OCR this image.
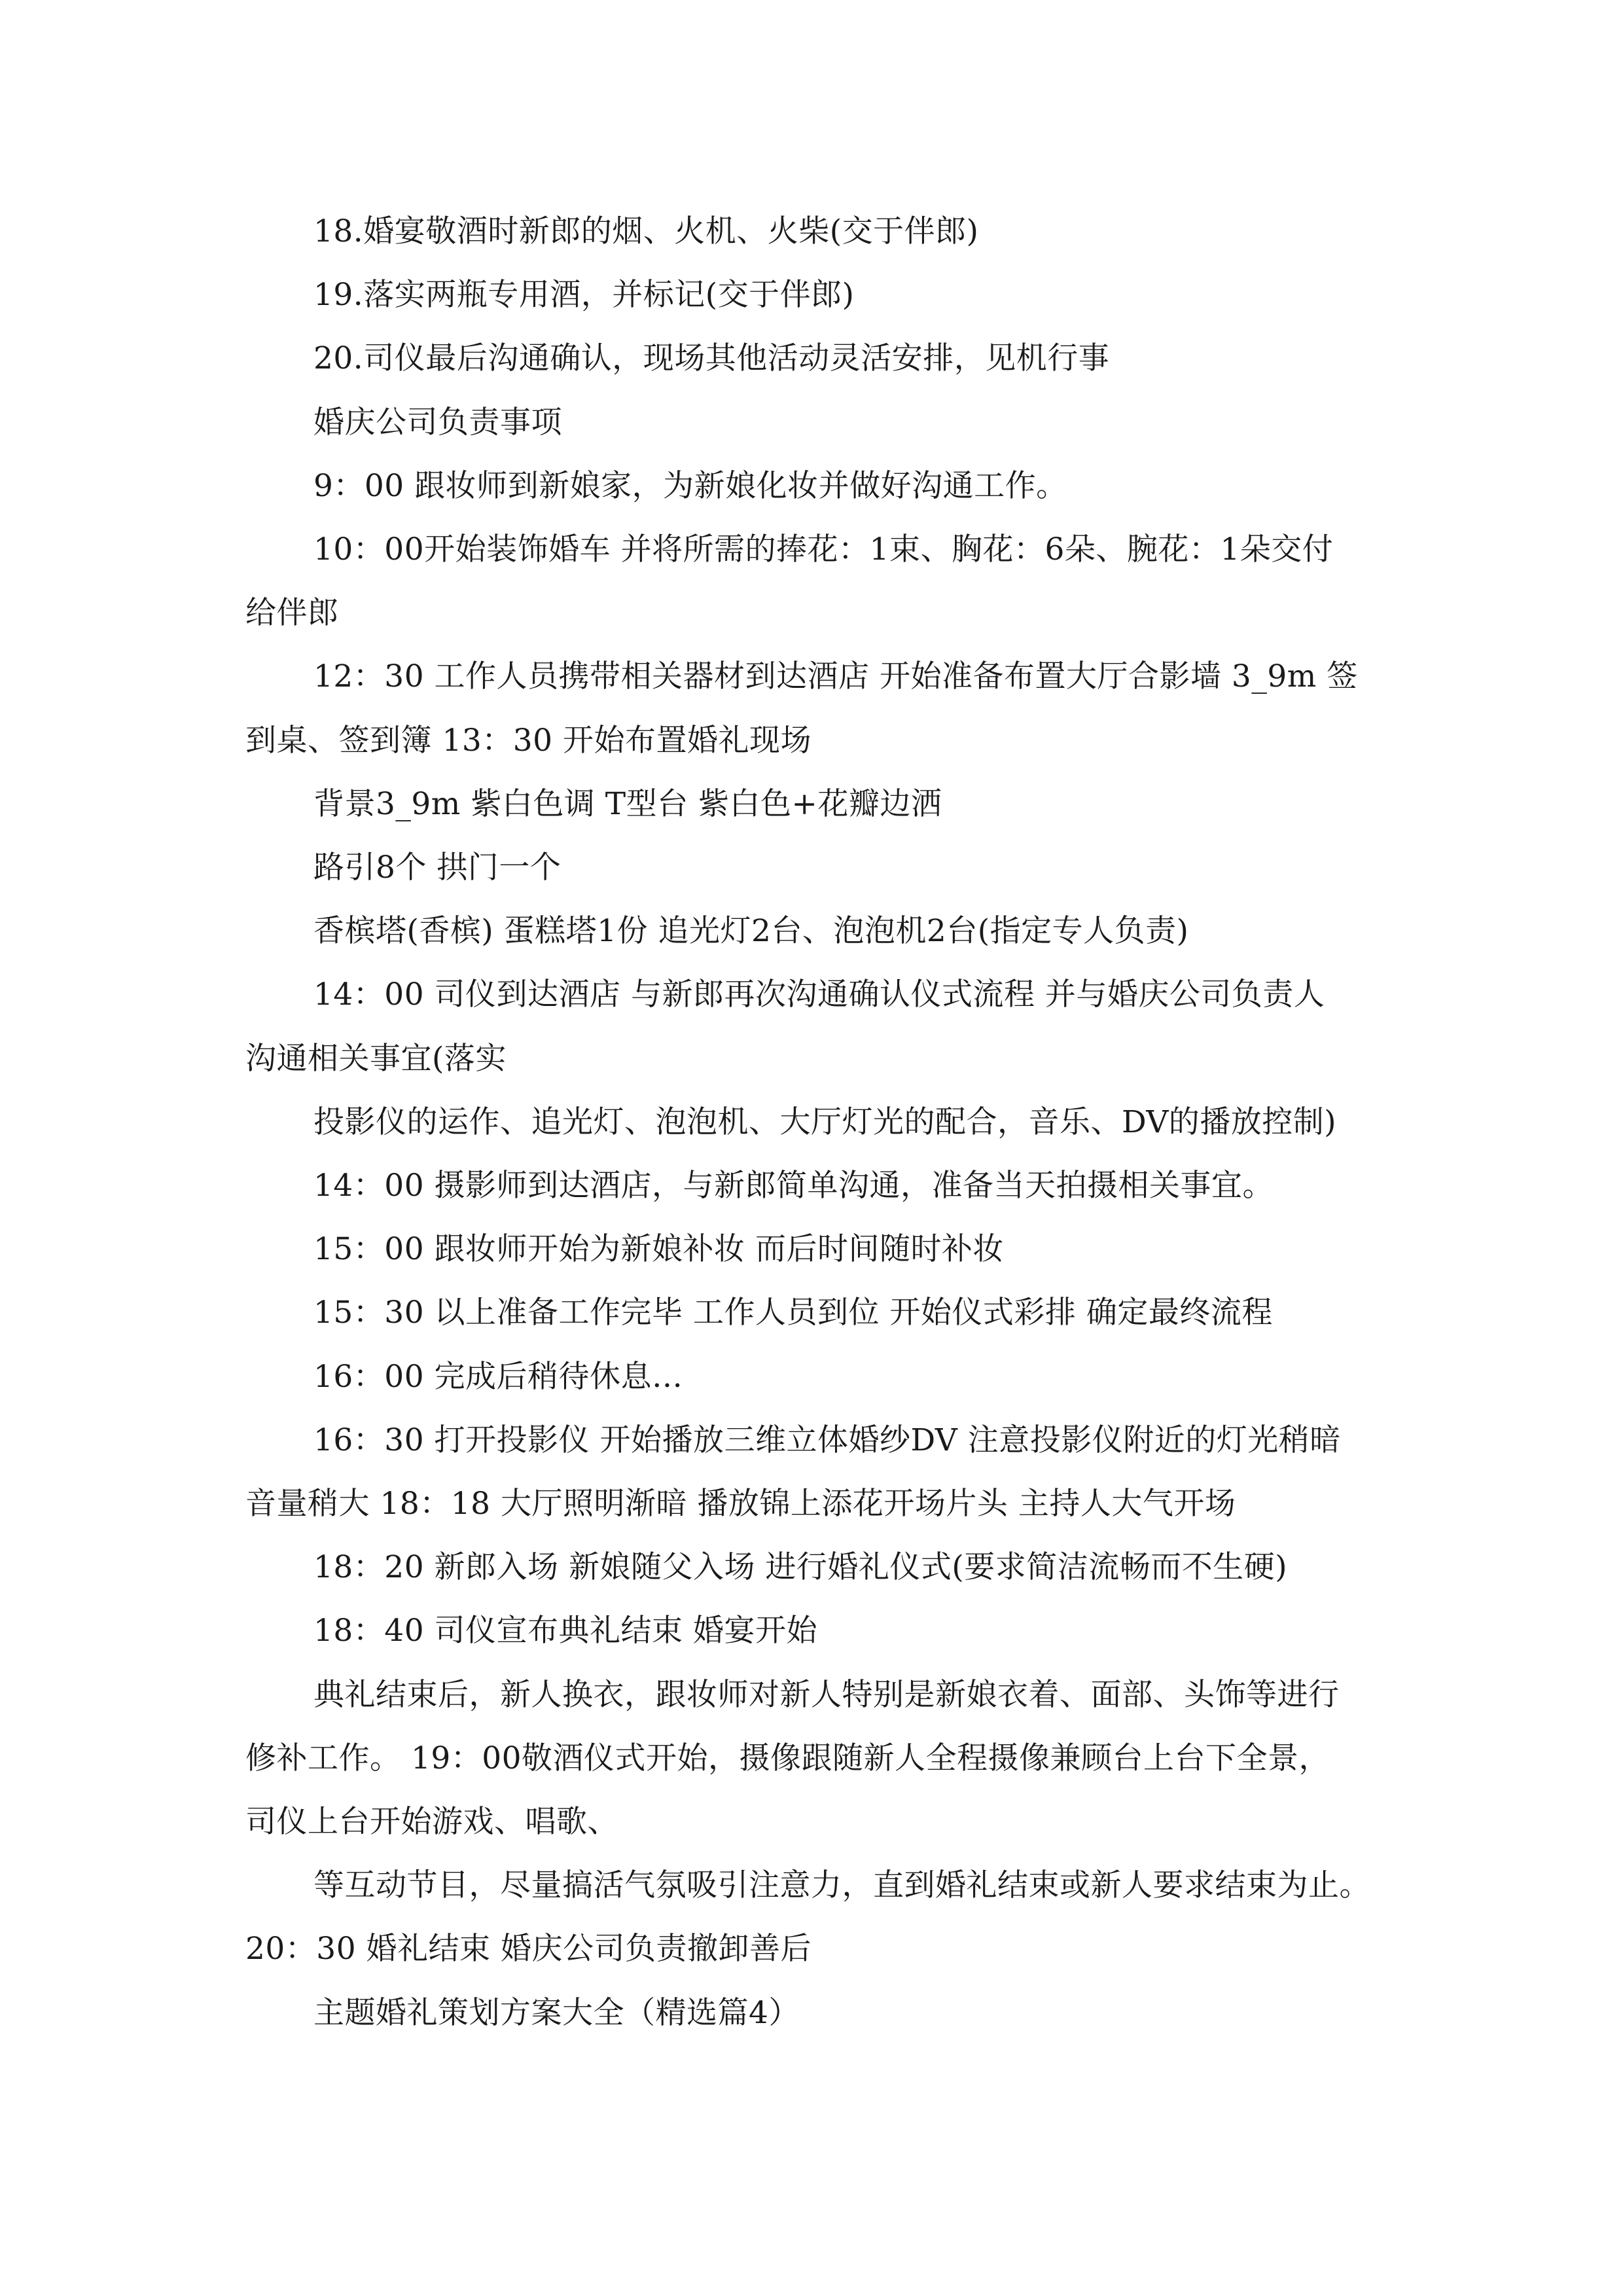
18.婚宴敬酒时新郎的烟、火机、火柴(交于伴郎)
19.落实两瓶专用酒，并标记(交于伴郎)
20.司仪最后沟通确认，现场其他活动灵活安排，见机行事
婚庆公司负责事项
9：00 跟妆师到新娘家，为新娘化妆并做好沟通工作。
10：00开始装饰婚车 并将所需的捧花：1束、胸花：6朵、腕花：1朵交付
给伴郎
12：30 工作人员携带相关器材到达酒店 开始准备布置大厅合影墙 3_9m 签
到桌、签到簿 13：30 开始布置婚礼现场
背景3_9m 紫白色调 T型台 紫白色+花瓣边洒
路引8个 拱门一个
香槟塔(香槟) 蛋糕塔1份 追光灯2台、泡泡机2台(指定专人负责)
14：00 司仪到达酒店 与新郎再次沟通确认仪式流程 并与婚庆公司负责人
沟通相关事宜(落实
投影仪的运作、追光灯、泡泡机、大厅灯光的配合，音乐、DV的播放控制)
14：00 摄影师到达酒店，与新郎简单沟通，准备当天拍摄相关事宜。
15：00 跟妆师开始为新娘补妆 而后时间随时补妆
15：30 以上准备工作完毕 工作人员到位 开始仪式彩排 确定最终流程
16：00 完成后稍待休息…
16：30 打开投影仪 开始播放三维立体婚纱DV 注意投影仪附近的灯光稍暗
音量稍大 18：18 大厅照明渐暗 播放锦上添花开场片头 主持人大气开场
18：20 新郎入场 新娘随父入场 进行婚礼仪式(要求简洁流畅而不生硬)
18：40 司仪宣布典礼结束 婚宴开始
典礼结束后，新人换衣，跟妆师对新人特别是新娘衣着、面部、头饰等进行
修补工作。 19：00敬酒仪式开始，摄像跟随新人全程摄像兼顾台上台下全景，
司仪上台开始游戏、唱歌、
等互动节目，尽量搞活气氛吸引注意力，直到婚礼结束或新人要求结束为止。
20：30 婚礼结束 婚庆公司负责撤卸善后
主题婚礼策划方案大全（精选篇4）
